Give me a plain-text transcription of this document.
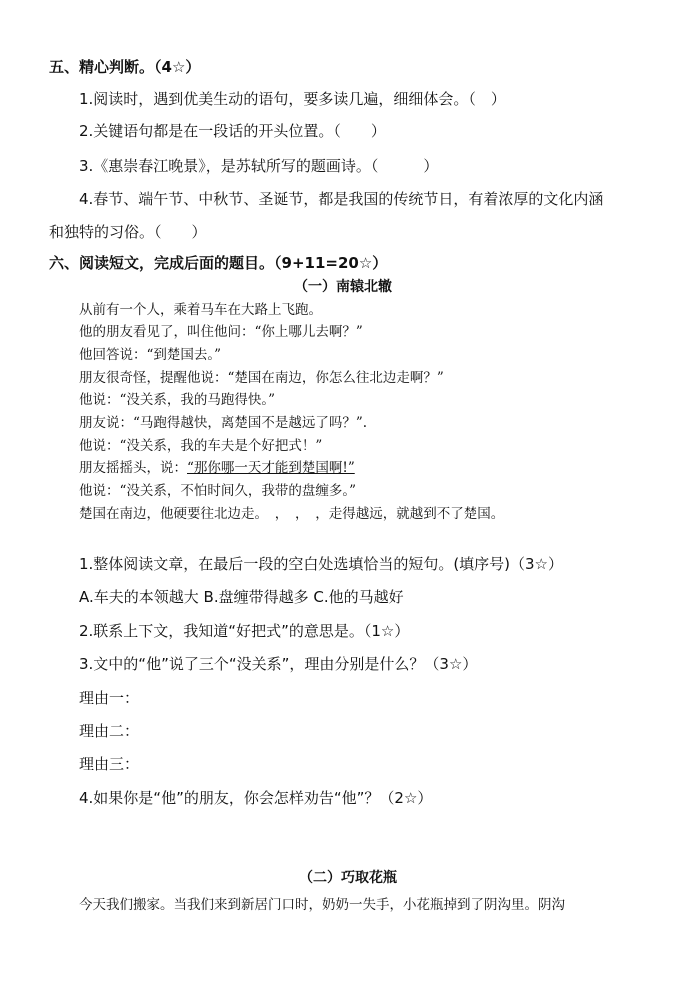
五、精心判断。（4☆）
1.阅读时，遇到优美生动的语句，要多读几遍，细细体会。（　）
2.关键语句都是在一段话的开头位置。（　　）
3.《惠崇春江晚景》，是苏轼所写的题画诗。（　　　）
4.春节、端午节、中秋节、圣诞节，都是我国的传统节日，有着浓厚的文化内涵
和独特的习俗。（　　）
六、阅读短文，完成后面的题目。（9+11=20☆）
（一）南辕北辙
从前有一个人，乘着马车在大路上飞跑。
他的朋友看见了，叫住他问：“你上哪儿去啊？”
他回答说：“到楚国去。”
朋友很奇怪，提醒他说：“楚国在南边，你怎么往北边走啊？”
他说：“没关系，我的马跑得快。”
朋友说：“马跑得越快，离楚国不是越远了吗？”.
他说：“没关系，我的车夫是个好把式！”
朋友摇摇头，说：“那你哪一天才能到楚国啊!”
他说：“没关系，不怕时间久，我带的盘缠多。”
楚国在南边，他硬要往北边走。　，　，　，走得越远，就越到不了楚国。
1.整体阅读文章，在最后一段的空白处选填恰当的短句。(填序号)（3☆）
A.车夫的本领越大 B.盘缠带得越多 C.他的马越好
2.联系上下文，我知道“好把式”的意思是。（1☆）
3.文中的“他”说了三个“没关系”，理由分别是什么？（3☆）
理由一：
理由二：
理由三：
4.如果你是“他”的朋友，你会怎样劝告“他”？（2☆）
（二）巧取花瓶
今天我们搬家。当我们来到新居门口时，奶奶一失手，小花瓶掉到了阴沟里。阴沟
